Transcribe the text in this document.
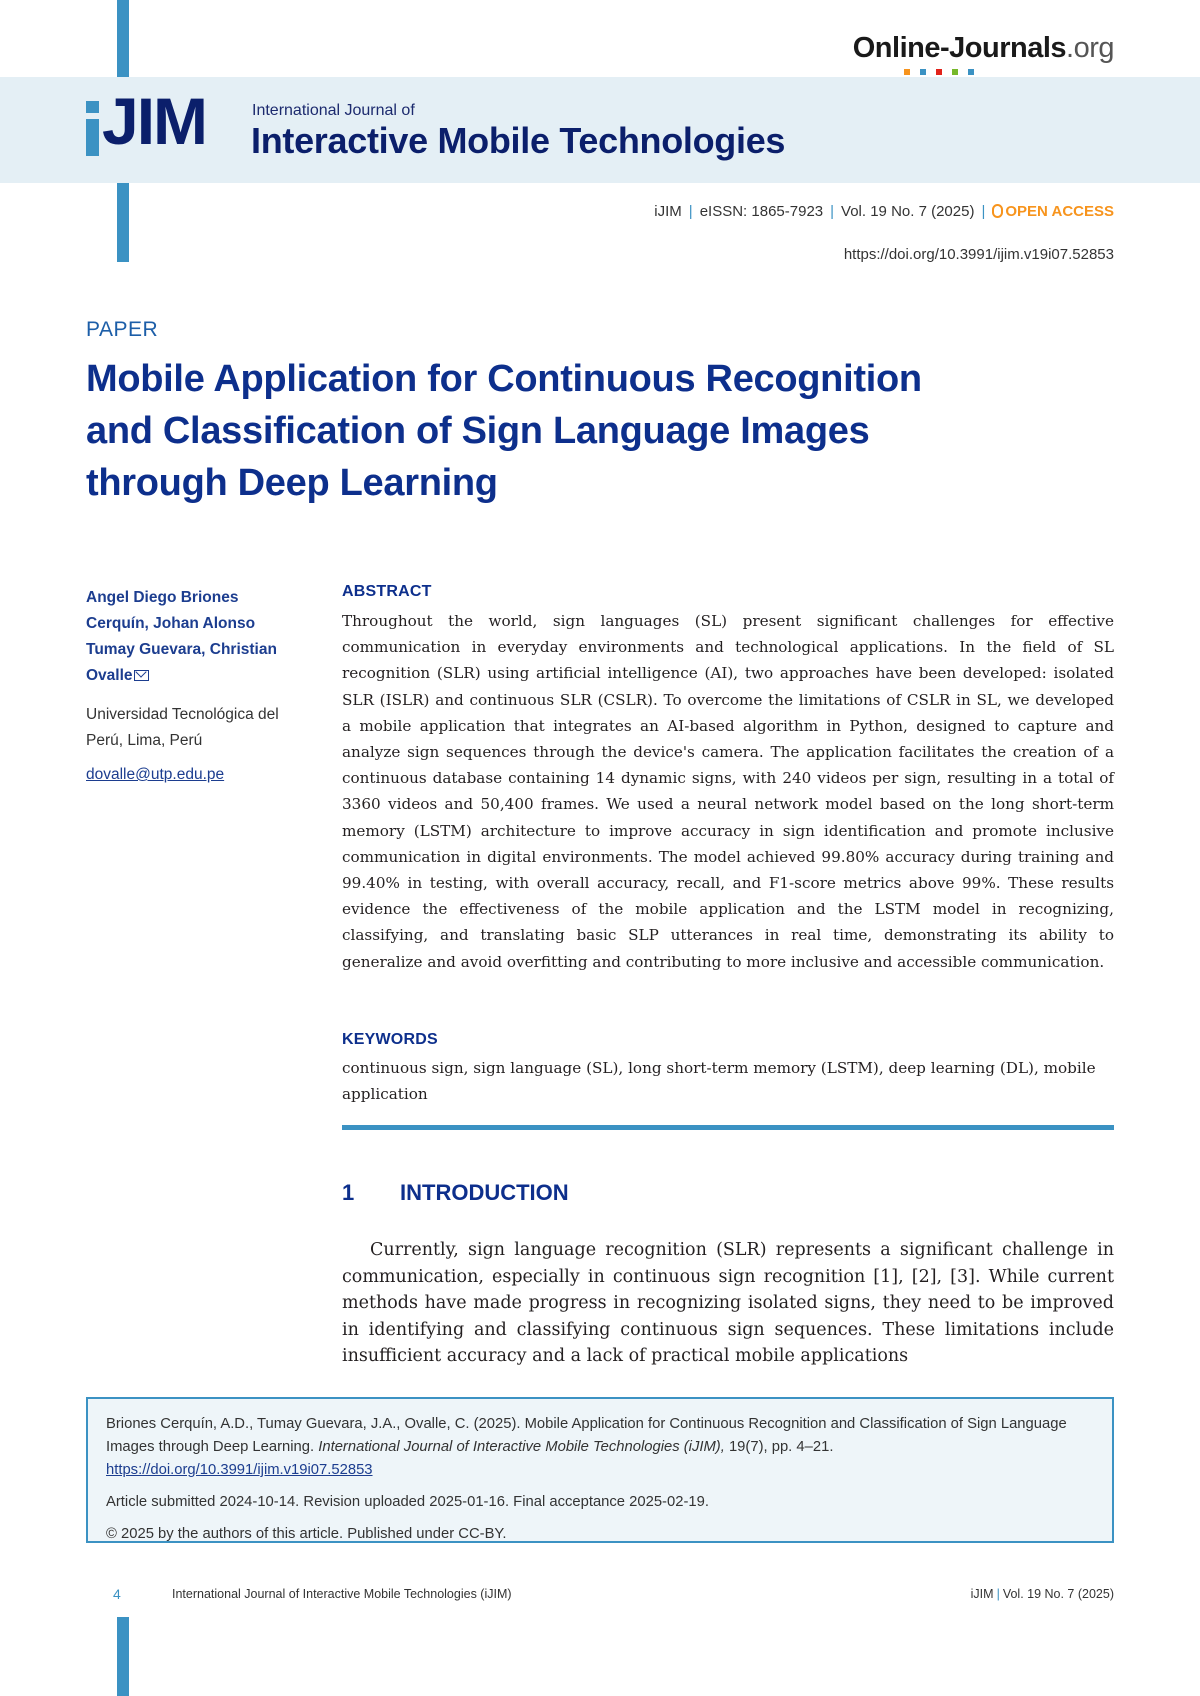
Online-Journals.org
JIM	International Journal of
Interactive Mobile Technologies
iJIM | eISSN: 1865-7923 | Vol. 19 No. 7 (2025) | OPEN ACCESS
https://doi.org/10.3991/ijim.v19i07.52853
PAPER
Mobile Application for Continuous Recognition and Classification of Sign Language Images through Deep Learning
Angel Diego Briones Cerquín, Johan Alonso Tumay Guevara, Christian Ovalle
Universidad Tecnológica del Perú, Lima, Perú
dovalle@utp.edu.pe
ABSTRACT

Throughout the world, sign languages (SL) present significant challenges for effective communication in everyday environments and technological applications. In the field of SL recognition (SLR) using artificial intelligence (AI), two approaches have been developed: isolated SLR (ISLR) and continuous SLR (CSLR). To overcome the limitations of CSLR in SL, we developed a mobile application that integrates an AI-based algorithm in Python, designed to capture and analyze sign sequences through the device's camera. The application facilitates the creation of a continuous database containing 14 dynamic signs, with 240 videos per sign, resulting in a total of 3360 videos and 50,400 frames. We used a neural network model based on the long short-term memory (LSTM) architecture to improve accuracy in sign identification and promote inclusive communication in digital environments. The model achieved 99.80% accuracy during training and 99.40% in testing, with overall accuracy, recall, and F1-score metrics above 99%. These results evidence the effectiveness of the mobile application and the LSTM model in recognizing, classifying, and translating basic SLP utterances in real time, demonstrating its ability to generalize and avoid overfitting and contributing to more inclusive and accessible communication.

KEYWORDS

continuous sign, sign language (SL), long short-term memory (LSTM), deep learning (DL), mobile application

1 INTRODUCTION

Currently, sign language recognition (SLR) represents a significant challenge in communication, especially in continuous sign recognition [1], [2], [3]. While current methods have made progress in recognizing isolated signs, they need to be improved in identifying and classifying continuous sign sequences. These limitations include insufficient accuracy and a lack of practical mobile applications

Briones Cerquín, A.D., Tumay Guevara, J.A., Ovalle, C. (2025). Mobile Application for Continuous Recognition and Classification of Sign Language Images through Deep Learning. International Journal of Interactive Mobile Technologies (iJIM), 19(7), pp. 4–21. https://doi.org/10.3991/ijim.v19i07.52853

Article submitted 2024-10-14. Revision uploaded 2025-01-16. Final acceptance 2025-02-19.

© 2025 by the authors of this article. Published under CC-BY.

4	International Journal of Interactive Mobile Technologies (iJIM)	iJIM | Vol. 19 No. 7 (2025)
